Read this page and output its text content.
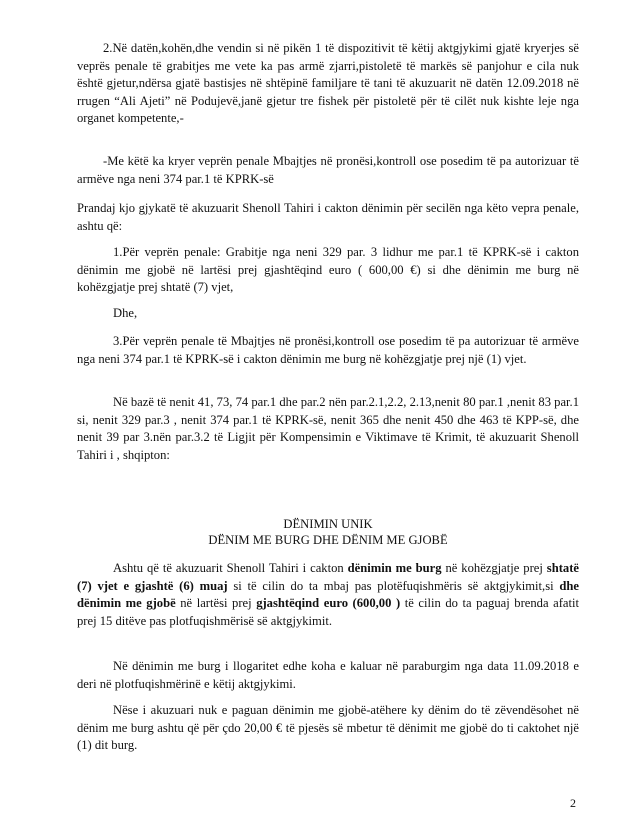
2.Në datën,kohën,dhe vendin si në pikën 1 të dispozitivit të këtij aktgjykimi gjatë kryerjes së veprës penale të grabitjes me vete ka pas armë zjarri,pistoletë të markës së panjohur e cila nuk është gjetur,ndërsa gjatë bastisjes në shtëpinë familjare të tani të akuzuarit në datën 12.09.2018 në rrugen “Ali Ajeti” në Podujevë,janë gjetur tre fishek për pistoletë për të cilët nuk kishte leje nga organet kompetente,-

-Me këtë ka kryer veprën penale Mbajtjes në pronësi,kontroll ose posedim të pa autorizuar të armëve nga neni 374 par.1 të KPRK-së

Prandaj kjo gjykatë të akuzuarit Shenoll Tahiri i cakton dënimin për secilën nga këto vepra penale, ashtu që:

1.Për veprën penale: Grabitje nga neni 329 par. 3 lidhur me par.1 të KPRK-së i cakton dënimin me gjobë në lartësi prej gjashtëqind euro ( 600,00 €) si dhe dënimin me burg në kohëzgjatje prej shtatë (7) vjet,

Dhe,

3.Për veprën penale të Mbajtjes në pronësi,kontroll ose posedim të pa autorizuar të armëve nga neni 374 par.1 të KPRK-së i cakton dënimin me burg në kohëzgjatje prej një (1) vjet.

Në bazë të nenit 41, 73, 74 par.1 dhe par.2 nën par.2.1,2.2, 2.13,nenit 80 par.1 ,nenit 83 par.1 si, nenit 329 par.3 , nenit 374 par.1 të KPRK-së, nenit 365 dhe nenit 450 dhe 463 të KPP-së, dhe nenit 39 par 3.nën par.3.2 të Ligjit për Kompensimin e Viktimave të Krimit, të akuzuarit Shenoll Tahiri i , shqipton:

DËNIMIN UNIK

DËNIM ME BURG DHE DËNIM ME GJOBË

Ashtu që të akuzuarit Shenoll Tahiri i cakton dënimin me burg në kohëzgjatje prej shtatë (7) vjet e gjashtë (6) muaj si të cilin do ta mbaj pas plotëfuqishmëris së aktgjykimit,si dhe dënimin me gjobë në lartësi prej gjashtëqind euro (600,00 ) të cilin do ta paguaj brenda afatit prej 15 ditëve pas plotfuqishmërisë së aktgjykimit.

Në dënimin me burg i llogaritet edhe koha e kaluar në paraburgim nga data 11.09.2018 e deri në plotfuqishmërinë e këtij aktgjykimi.

Nëse i akuzuari nuk e paguan dënimin me gjobë-atëhere ky dënim do të zëvendësohet në dënim me burg ashtu që për çdo 20,00 € të pjesës së mbetur të dënimit me gjobë do ti caktohet një (1) dit burg.

2
